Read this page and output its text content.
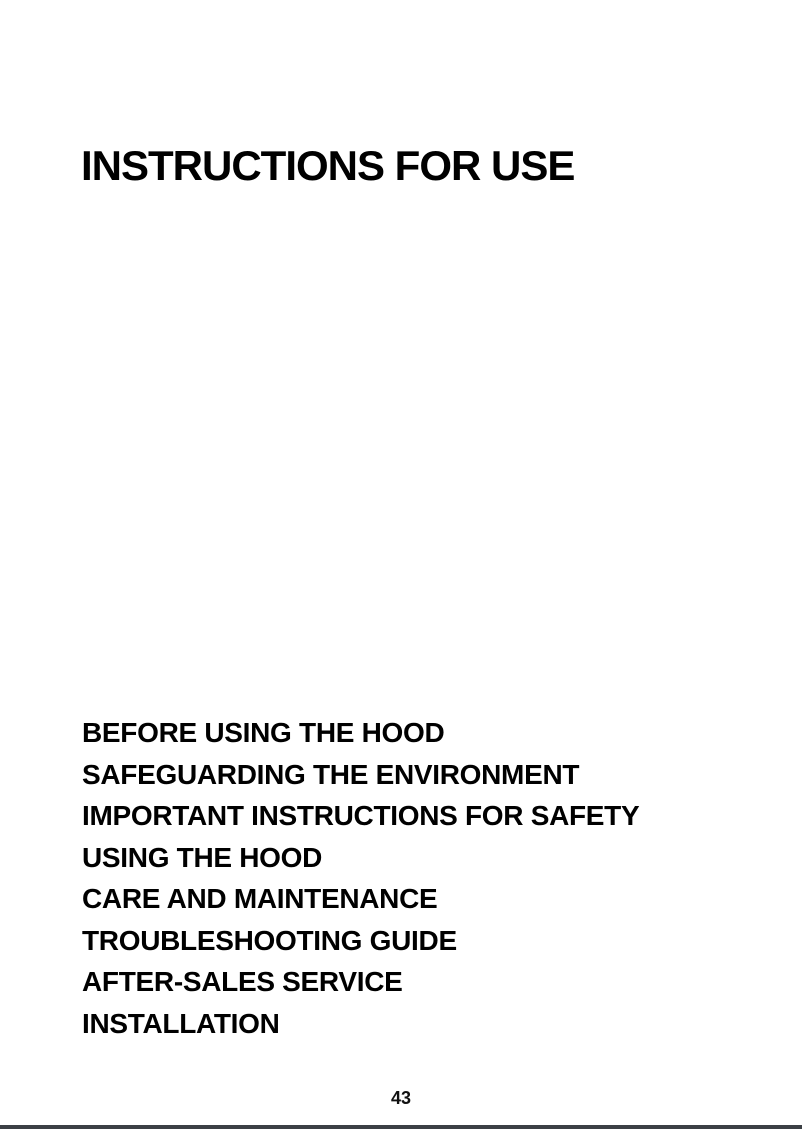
INSTRUCTIONS FOR USE
BEFORE USING THE HOOD
SAFEGUARDING THE ENVIRONMENT
IMPORTANT INSTRUCTIONS FOR SAFETY
USING THE HOOD
CARE AND MAINTENANCE
TROUBLESHOOTING GUIDE
AFTER-SALES SERVICE
INSTALLATION
43
